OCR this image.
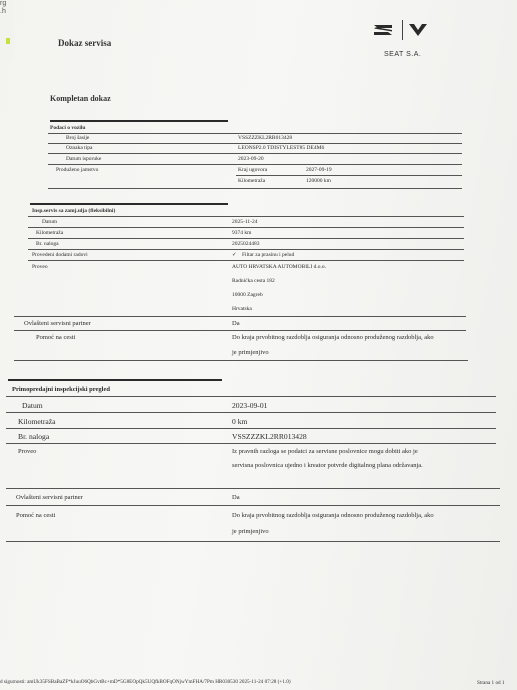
rg
.h
Dokaz servisa
SEAT S.A.
Kompletan dokaz
Podaci o vozilu
Broj šasije	VSSZZZKL2RR013428
Oznaka tipa	LEONSP2.0 TDISTYLEST85 DE4M6
Datum isporuke	2023-09-20
Produženo jamstvo	Kraj ugovora	2027-09-19
Kilometraža	120000 km
Insp.servis sa zamj.ulja (fleksibilni)
Datum	2025-11-24
Kilometraža	9374 km
Br. naloga	2025024483
Provedeni dodatni radovi	✓ Filtar za prasinu i pelud
Proveo	AUTO HRVATSKA AUTOMOBILI d.o.o.
Radnićka cesta 182
10000 Zagreb
Hrvatska
Ovlašteni servisni partner	Da
Pomoć na cesti	Do kraja prvobitnog razdoblja osiguranja odnosno produženog razdoblja, ako
je primjenjivo
Primopredajni inspekcijski pregled
Datum	2023-09-01
Kilometraža	0 km
Br. naloga	VSSZZZKL2RR013428
Proveo	Iz pravnih razloga se podatci za servisne poslovnice mogu dobiti ako je
servisna poslovnica ujedno i kreator potvrde digitalnog plana održavanja.
Ovlašteni servisni partner	Da
Pomoć na cesti	Do kraja prvobitnog razdoblja osiguranja odnosno produženog razdoblja, ako
je primjenjivo
d sigurnosti: amUk35FSBaBaZF*kJuuO6QbGvtBc+mD*5G8EOpQk5UQfkBOFqONjwYmFHA/7Pm HR030530 2025-11-24 07:28 (+1.0)	Strana 1 od 1
